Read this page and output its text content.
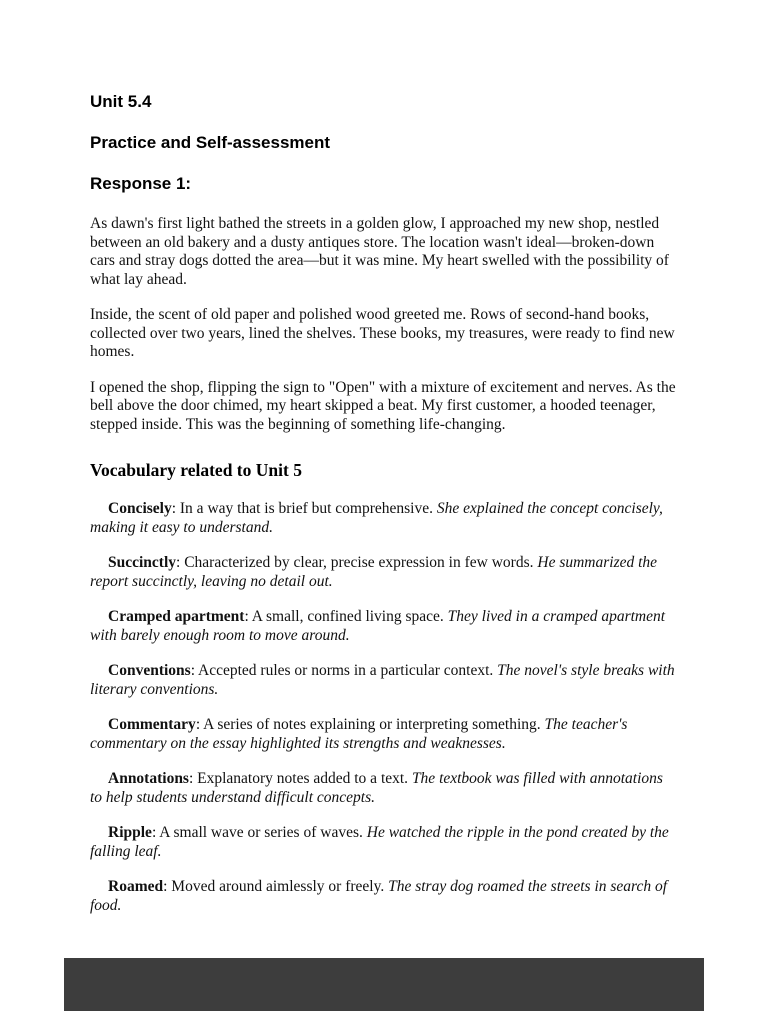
Unit 5.4
Practice and Self-assessment
Response 1:

As dawn's first light bathed the streets in a golden glow, I approached my new shop, nestled between an old bakery and a dusty antiques store. The location wasn't ideal—broken-down cars and stray dogs dotted the area—but it was mine. My heart swelled with the possibility of what lay ahead.

Inside, the scent of old paper and polished wood greeted me. Rows of second-hand books, collected over two years, lined the shelves. These books, my treasures, were ready to find new homes.

I opened the shop, flipping the sign to "Open" with a mixture of excitement and nerves. As the bell above the door chimed, my heart skipped a beat. My first customer, a hooded teenager, stepped inside. This was the beginning of something life-changing.

Vocabulary related to Unit 5

Concisely: In a way that is brief but comprehensive. She explained the concept concisely, making it easy to understand.

Succinctly: Characterized by clear, precise expression in few words. He summarized the report succinctly, leaving no detail out.

Cramped apartment: A small, confined living space. They lived in a cramped apartment with barely enough room to move around.

Conventions: Accepted rules or norms in a particular context. The novel's style breaks with literary conventions.

Commentary: A series of notes explaining or interpreting something. The teacher's commentary on the essay highlighted its strengths and weaknesses.

Annotations: Explanatory notes added to a text. The textbook was filled with annotations to help students understand difficult concepts.

Ripple: A small wave or series of waves. He watched the ripple in the pond created by the falling leaf.

Roamed: Moved around aimlessly or freely. The stray dog roamed the streets in search of food.
